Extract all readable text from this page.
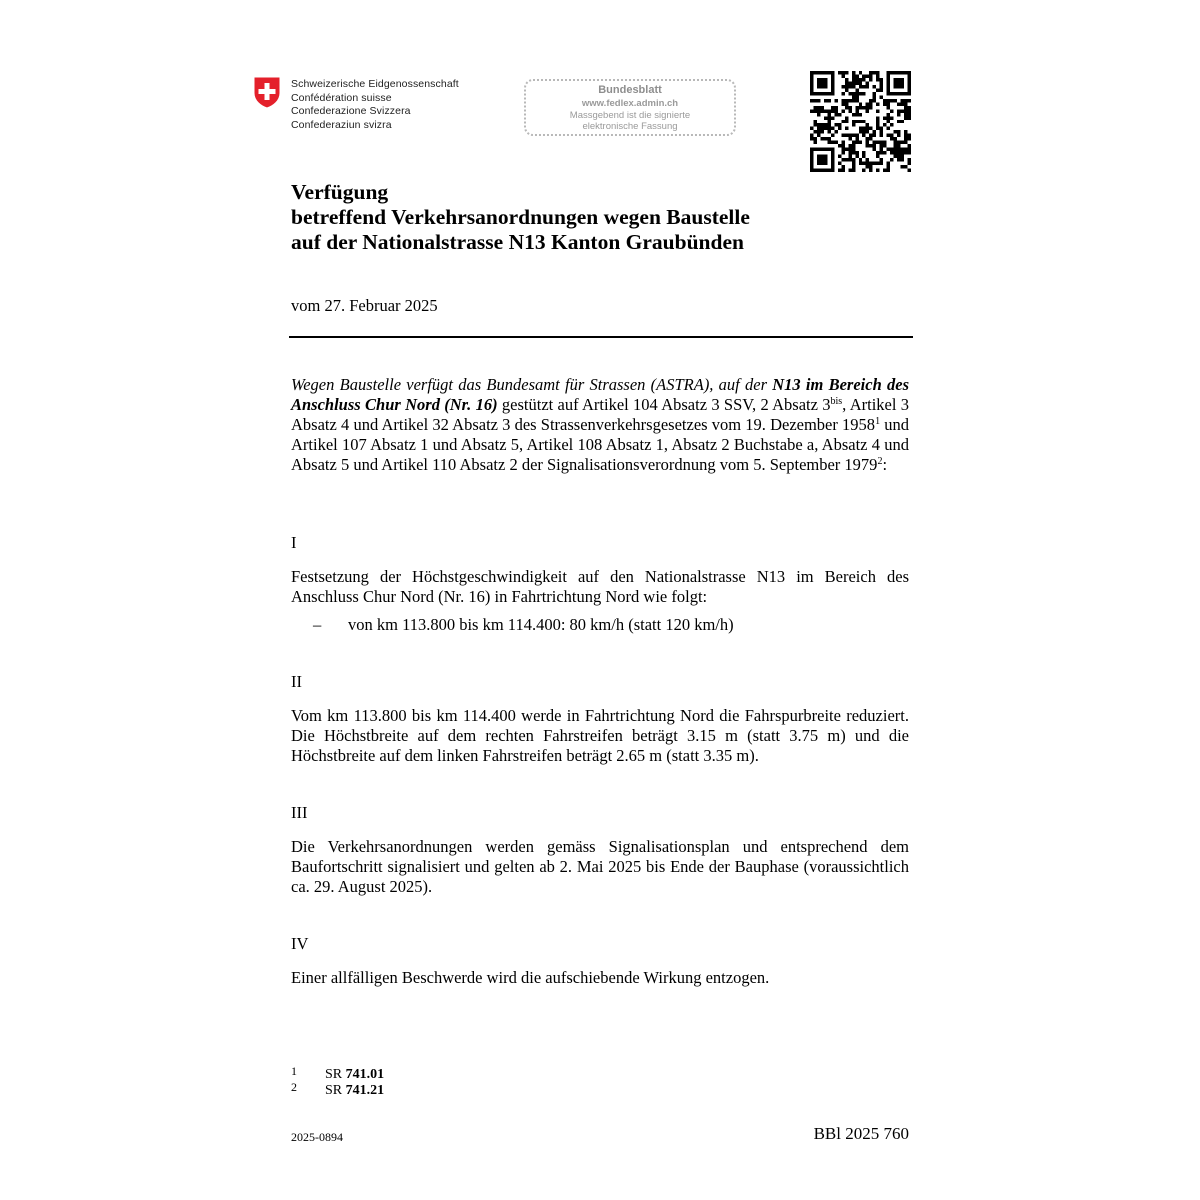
Schweizerische Eidgenossenschaft
Confédération suisse
Confederazione Svizzera
Confederaziun svizra
Bundesblatt
www.fedlex.admin.ch
Massgebend ist die signierte
elektronische Fassung
Verfügung
betreffend Verkehrsanordnungen wegen Baustelle
auf der Nationalstrasse N13 Kanton Graubünden
vom 27. Februar 2025
Wegen Baustelle verfügt das Bundesamt für Strassen (ASTRA), auf der N13 im Bereich des Anschluss Chur Nord (Nr. 16) gestützt auf Artikel 104 Absatz 3 SSV, 2 Absatz $3^{bis}$, Artikel 3 Absatz 4 und Artikel 32 Absatz 3 des Strassenverkehrsgesetzes vom 19. Dezember 1958$^1$ und Artikel 107 Absatz 1 und Absatz 5, Artikel 108 Absatz 1, Absatz 2 Buchstabe a, Absatz 4 und Absatz 5 und Artikel 110 Absatz 2 der Signalisationsverordnung vom 5. September 1979$^2$:
I
Festsetzung der Höchstgeschwindigkeit auf den Nationalstrasse N13 im Bereich des Anschluss Chur Nord (Nr. 16) in Fahrtrichtung Nord wie folgt:
– von km 113.800 bis km 114.400: 80 km/h (statt 120 km/h)
II
Vom km 113.800 bis km 114.400 werde in Fahrtrichtung Nord die Fahrspurbreite reduziert. Die Höchstbreite auf dem rechten Fahrstreifen beträgt 3.15 m (statt 3.75 m) und die Höchstbreite auf dem linken Fahrstreifen beträgt 2.65 m (statt 3.35 m).
III
Die Verkehrsanordnungen werden gemäss Signalisationsplan und entsprechend dem Baufortschritt signalisiert und gelten ab 2. Mai 2025 bis Ende der Bauphase (voraussichtlich ca. 29. August 2025).
IV
Einer allfälligen Beschwerde wird die aufschiebende Wirkung entzogen.
1 SR 741.01
2 SR 741.21
2025-0894	BBl 2025 760
